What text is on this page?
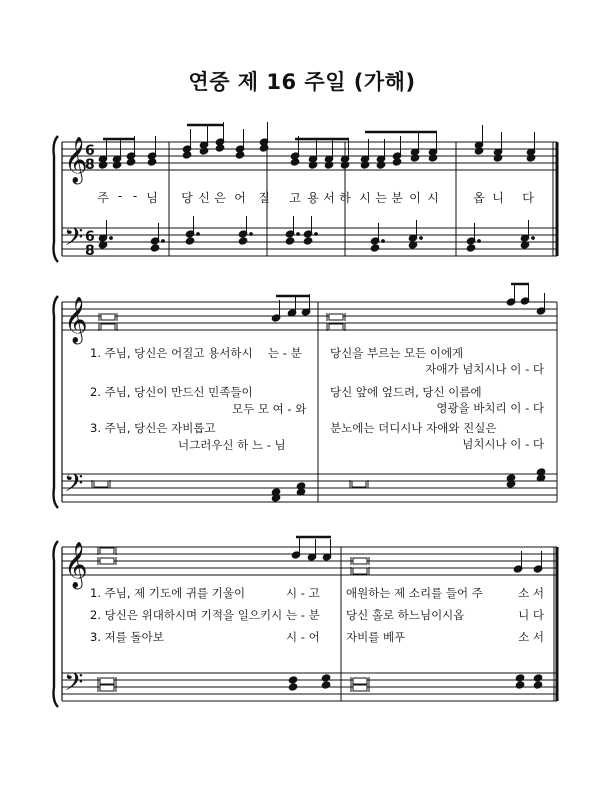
연중 제 16 주일 (가해)
𝄞
𝄢
6
8
6
8
𝄞
𝄢
𝄞
𝄢
주 - - 님 당 신 은 어 질 고 용 서 하 시 는 분 이 시	옵 니 다
1. 주님, 당신은 어질고 용서하시 는 - 분 당신을 부르는 모든 이에게
자애가 넘치시나 이 - 다
2. 주님, 당신이 만드신 민족들이
모두 모 여 - 와
당신 앞에 엎드려, 당신 이름에
영광을 바치리 이 - 다
3. 주님, 당신은 자비롭고
너그러우신 하 느 - 님
분노에는 더디시나 자애와 진실은
넘치시나 이 - 다
1. 주님, 제 기도에 귀를 기울이	시 - 고 애원하는 제 소리를 들어 주	소 서
2. 당신은 위대하시며 기적을 일으키시 는 - 분 당신 홀로 하느님이시옵	니 다
3. 저를 돌아보	시 - 어 자비를 베푸	소 서
